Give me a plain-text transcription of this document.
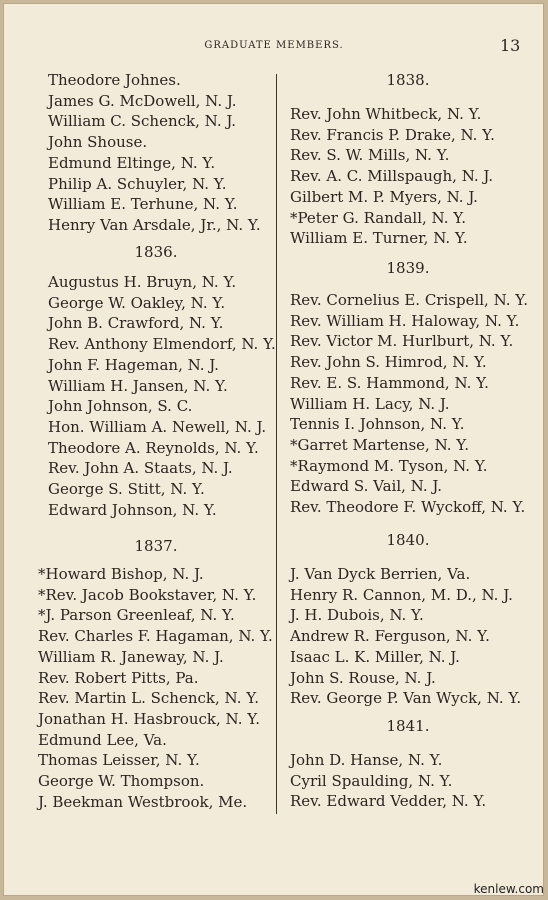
GRADUATE MEMBERS.	13
Theodore Johnes.
James G. McDowell, N. J.
William C. Schenck, N. J.
John Shouse.
Edmund Eltinge, N. Y.
Philip A. Schuyler, N. Y.
William E. Terhune, N. Y.
Henry Van Arsdale, Jr., N. Y.
1836.
Augustus H. Bruyn, N. Y.
George W. Oakley, N. Y.
John B. Crawford, N. Y.
Rev. Anthony Elmendorf, N. Y.
John F. Hageman, N. J.
William H. Jansen, N. Y.
John Johnson, S. C.
Hon. William A. Newell, N. J.
Theodore A. Reynolds, N. Y.
Rev. John A. Staats, N. J.
George S. Stitt, N. Y.
Edward Johnson, N. Y.
1837.
*Howard Bishop, N. J.
*Rev. Jacob Bookstaver, N. Y.
*J. Parson Greenleaf, N. Y.
Rev. Charles F. Hagaman, N. Y.
William R. Janeway, N. J.
Rev. Robert Pitts, Pa.
Rev. Martin L. Schenck, N. Y.
Jonathan H. Hasbrouck, N. Y.
Edmund Lee, Va.
Thomas Leisser, N. Y.
George W. Thompson.
J. Beekman Westbrook, Me.
1838.
Rev. John Whitbeck, N. Y.
Rev. Francis P. Drake, N. Y.
Rev. S. W. Mills, N. Y.
Rev. A. C. Millspaugh, N. J.
Gilbert M. P. Myers, N. J.
*Peter G. Randall, N. Y.
William E. Turner, N. Y.
1839.
Rev. Cornelius E. Crispell, N. Y.
Rev. William H. Haloway, N. Y.
Rev. Victor M. Hurlburt, N. Y.
Rev. John S. Himrod, N. Y.
Rev. E. S. Hammond, N. Y.
William H. Lacy, N. J.
Tennis I. Johnson, N. Y.
*Garret Martense, N. Y.
*Raymond M. Tyson, N. Y.
Edward S. Vail, N. J.
Rev. Theodore F. Wyckoff, N. Y.
1840.
J. Van Dyck Berrien, Va.
Henry R. Cannon, M. D., N. J.
J. H. Dubois, N. Y.
Andrew R. Ferguson, N. Y.
Isaac L. K. Miller, N. J.
John S. Rouse, N. J.
Rev. George P. Van Wyck, N. Y.
1841.
John D. Hanse, N. Y.
Cyril Spaulding, N. Y.
Rev. Edward Vedder, N. Y.
kenlew.com
